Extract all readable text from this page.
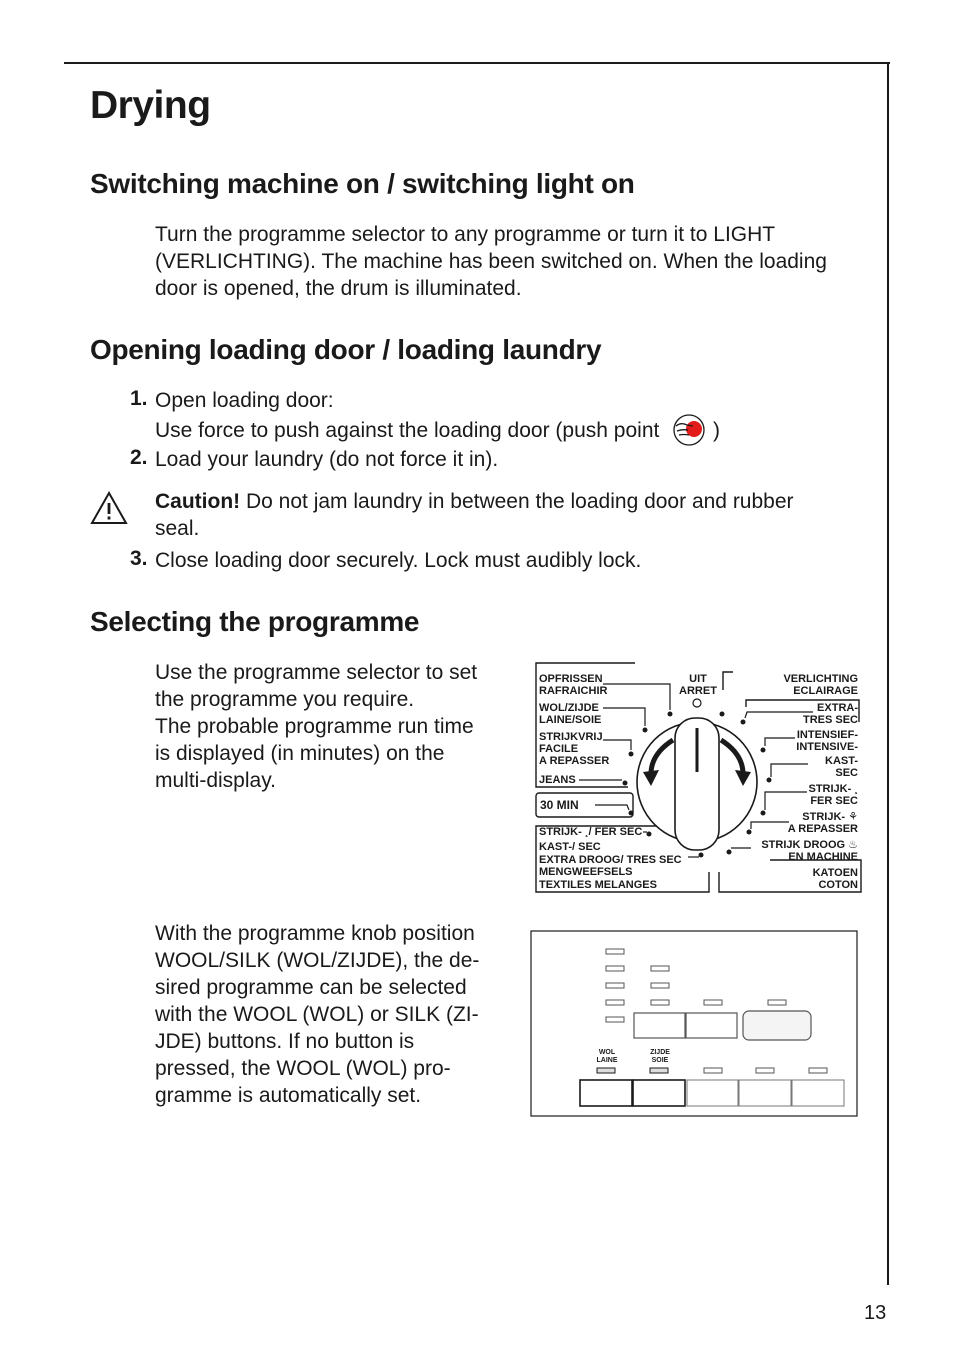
Drying
Switching machine on / switching light on
Turn the programme selector to any programme or turn it to LIGHT
(VERLICHTING). The machine has been switched on. When the loading
door is opened, the drum is illuminated.
Opening loading door / loading laundry
1. Open loading door:
Use force to push against the loading door (push point	)
2. Load your laundry (do not force it in).
Caution! Do not jam laundry in between the loading door and rubber
seal.
3. Close loading door securely. Lock must audibly lock.
Selecting the programme
Use the programme selector to set
the programme you require.
The probable programme run time
is displayed (in minutes) on the
multi-display.
With the programme knob position
WOOL/SILK (WOL/ZIJDE), the de-
sired programme can be selected
with the WOOL (WOL) or SILK (ZI-
JDE) buttons. If no button is
pressed, the WOOL (WOL) pro-
gramme is automatically set.
OPFRISSEN
RAFRAICHIR
WOL/ZIJDE
LAINE/SOIE
STRIJKVRIJ
FACILE
A REPASSER
JEANS
30 MIN
STRIJK- ¸/ FER SEC
KAST-/ SEC
EXTRA DROOG/ TRES SEC
MENGWEEFSELS
TEXTILES MELANGES
UIT
ARRET
VERLICHTING
ECLAIRAGE
EXTRA-
TRES SEC
INTENSIEF-
INTENSIVE-
KAST-
SEC
STRIJK- ¸
FER SEC
STRIJK- ⚘
A REPASSER
STRIJK DROOG ♨
EN MACHINE
KATOEN
COTON
WOL
LAINE
ZIJDE
SOIE
13
